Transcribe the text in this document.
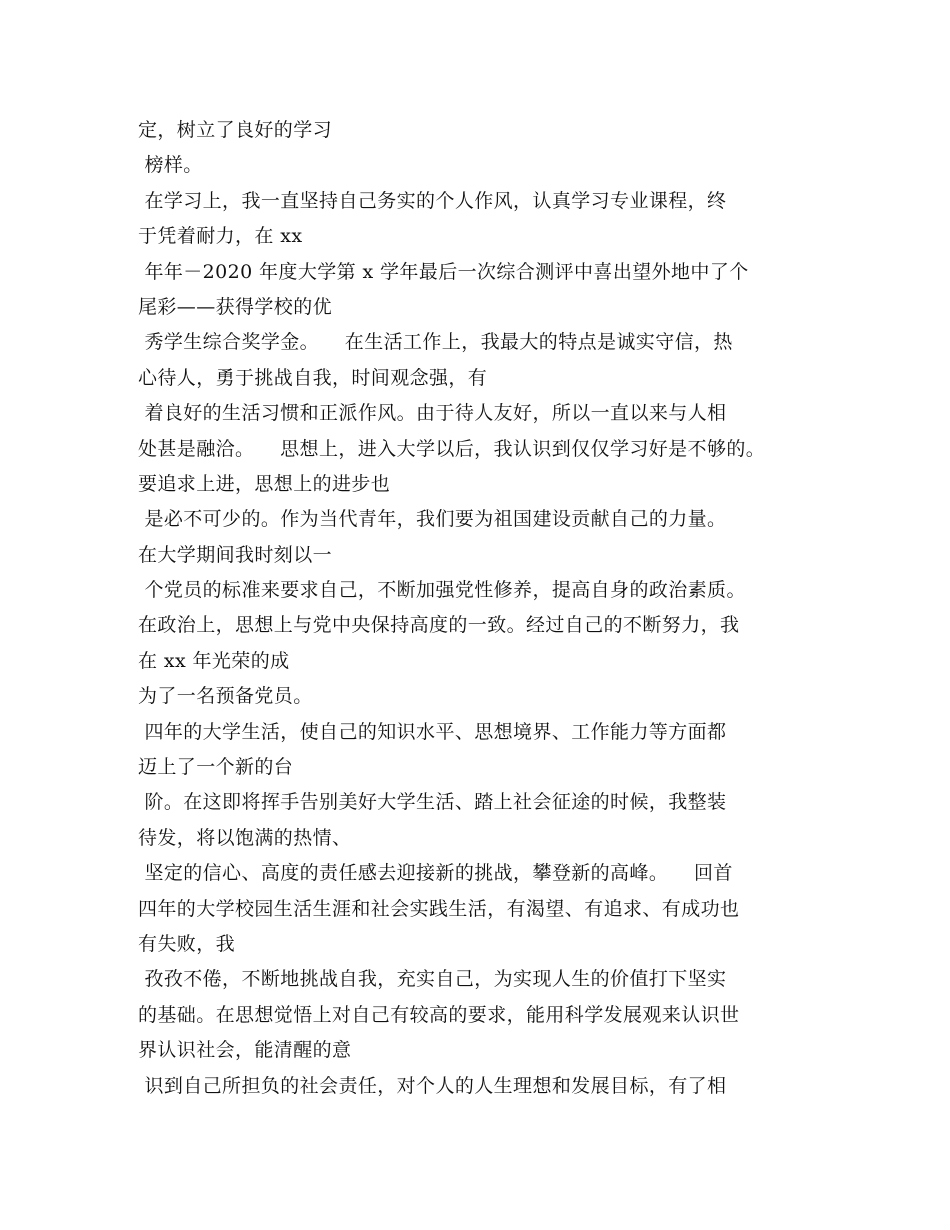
定，树立了良好的学习
榜样。
在学习上，我一直坚持自己务实的个人作风，认真学习专业课程，终
于凭着耐力，在 xx
年年－2020 年度大学第 x 学年最后一次综合测评中喜出望外地中了个
尾彩——获得学校的优
秀学生综合奖学金。    在生活工作上，我最大的特点是诚实守信，热
心待人，勇于挑战自我，时间观念强，有
着良好的生活习惯和正派作风。由于待人友好，所以一直以来与人相
处甚是融洽。    思想上，进入大学以后，我认识到仅仅学习好是不够的。
要追求上进，思想上的进步也
是必不可少的。作为当代青年，我们要为祖国建设贡献自己的力量。
在大学期间我时刻以一
个党员的标准来要求自己，不断加强党性修养，提高自身的政治素质。
在政治上，思想上与党中央保持高度的一致。经过自己的不断努力，我
在 xx 年光荣的成
为了一名预备党员。
四年的大学生活，使自己的知识水平、思想境界、工作能力等方面都
迈上了一个新的台
阶。在这即将挥手告别美好大学生活、踏上社会征途的时候，我整装
待发，将以饱满的热情、
坚定的信心、高度的责任感去迎接新的挑战，攀登新的高峰。    回首
四年的大学校园生活生涯和社会实践生活，有渴望、有追求、有成功也
有失败，我
孜孜不倦，不断地挑战自我，充实自己，为实现人生的价值打下坚实
的基础。在思想觉悟上对自己有较高的要求，能用科学发展观来认识世
界认识社会，能清醒的意
识到自己所担负的社会责任，对个人的人生理想和发展目标，有了相
